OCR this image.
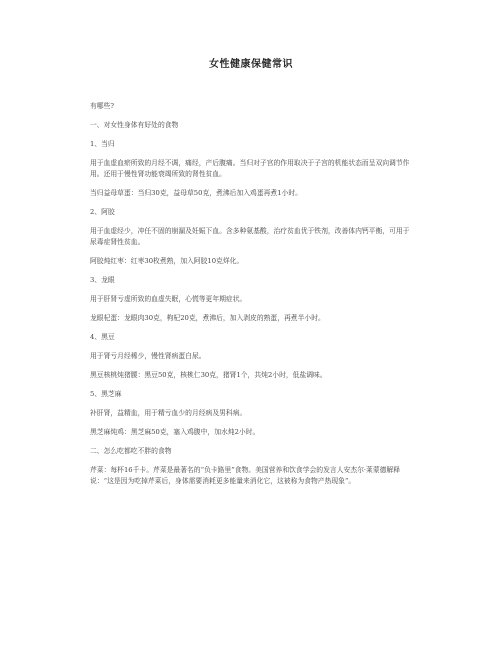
女性健康保健常识

有哪些?

一、对女性身体有好处的食物

1、当归

用于血虚血瘀所致的月经不调，痛经，产后腹痛。当归对子宫的作用取决于子宫的机能状态而呈双向调节作用。还用于慢性肾功能衰竭所致的肾性贫血。

当归益母草蛋：当归30克，益母草50克，煮沸后加入鸡蛋再煮1小时。

2、阿胶

用于血虚经少，冲任不固的崩漏及妊娠下血。含多种氨基酸，治疗贫血优于铁剂，改善体内钙平衡，可用于尿毒症肾性贫血。

阿胶炖红枣：红枣30枚煮熟，加入阿胶10克烊化。

3、龙眼

用于肝肾亏虚所致的血虚失眠，心慌等更年期症状。

龙眼杞蛋：龙眼肉30克，枸杞20克，煮沸后，加入剥皮的熟蛋，再煮半小时。

4、黑豆

用于肾亏月经稀少，慢性肾病蛋白尿。

黑豆核桃炖猪腰：黑豆50克，核桃仁30克，猪肾1个，共炖2小时，低盐调味。

5、黑芝麻

补肝肾，益精血，用于精亏血少的月经病及男科病。

黑芝麻炖鸡：黑芝麻50克，塞入鸡腹中，加水炖2小时。

二、怎么吃都吃不胖的食物

芹菜：每杯16千卡。芹菜是最著名的“负卡路里”食物。美国营养和饮食学会的发言人安杰尔·莱蒙德解释说：“这是因为吃掉芹菜后，身体需要消耗更多能量来消化它，这被称为食物产热现象”。
